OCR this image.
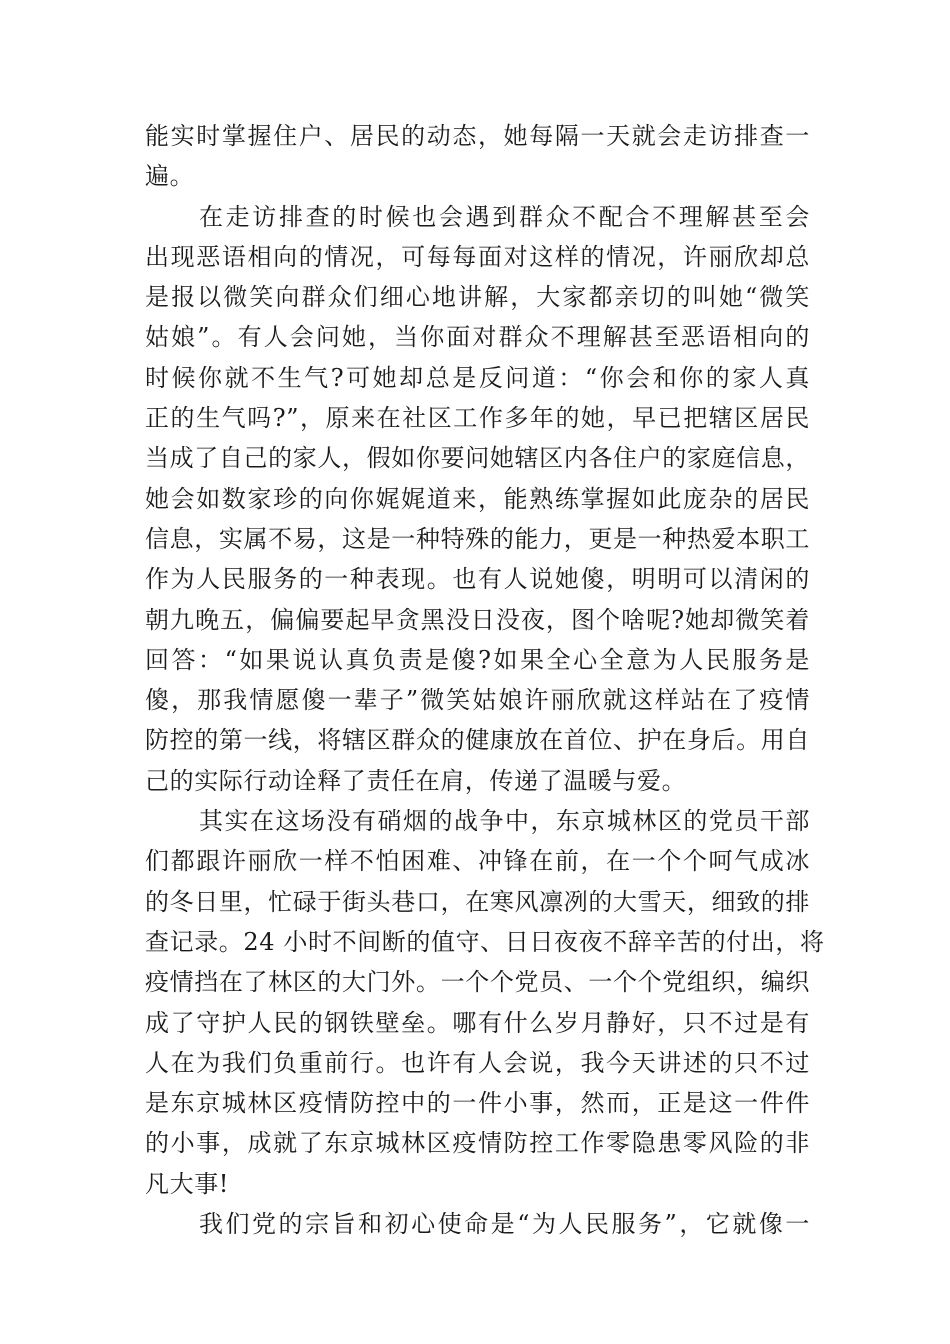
能实时掌握住户、居民的动态，她每隔一天就会走访排查一
遍。
在走访排查的时候也会遇到群众不配合不理解甚至会
出现恶语相向的情况，可每每面对这样的情况，许丽欣却总
是报以微笑向群众们细心地讲解，大家都亲切的叫她“微笑
姑娘”。有人会问她，当你面对群众不理解甚至恶语相向的
时候你就不生气?可她却总是反问道：“你会和你的家人真
正的生气吗?”，原来在社区工作多年的她，早已把辖区居民
当成了自己的家人，假如你要问她辖区内各住户的家庭信息，
她会如数家珍的向你娓娓道来，能熟练掌握如此庞杂的居民
信息，实属不易，这是一种特殊的能力，更是一种热爱本职工
作为人民服务的一种表现。也有人说她傻，明明可以清闲的
朝九晚五，偏偏要起早贪黑没日没夜，图个啥呢?她却微笑着
回答：“如果说认真负责是傻?如果全心全意为人民服务是
傻，那我情愿傻一辈子”微笑姑娘许丽欣就这样站在了疫情
防控的第一线，将辖区群众的健康放在首位、护在身后。用自
己的实际行动诠释了责任在肩，传递了温暖与爱。
其实在这场没有硝烟的战争中，东京城林区的党员干部
们都跟许丽欣一样不怕困难、冲锋在前，在一个个呵气成冰
的冬日里，忙碌于街头巷口，在寒风凛冽的大雪天，细致的排
查记录。24 小时不间断的值守、日日夜夜不辞辛苦的付出，将
疫情挡在了林区的大门外。一个个党员、一个个党组织，编织
成了守护人民的钢铁壁垒。哪有什么岁月静好，只不过是有
人在为我们负重前行。也许有人会说，我今天讲述的只不过
是东京城林区疫情防控中的一件小事，然而，正是这一件件
的小事，成就了东京城林区疫情防控工作零隐患零风险的非
凡大事!
我们党的宗旨和初心使命是“为人民服务”，它就像一
